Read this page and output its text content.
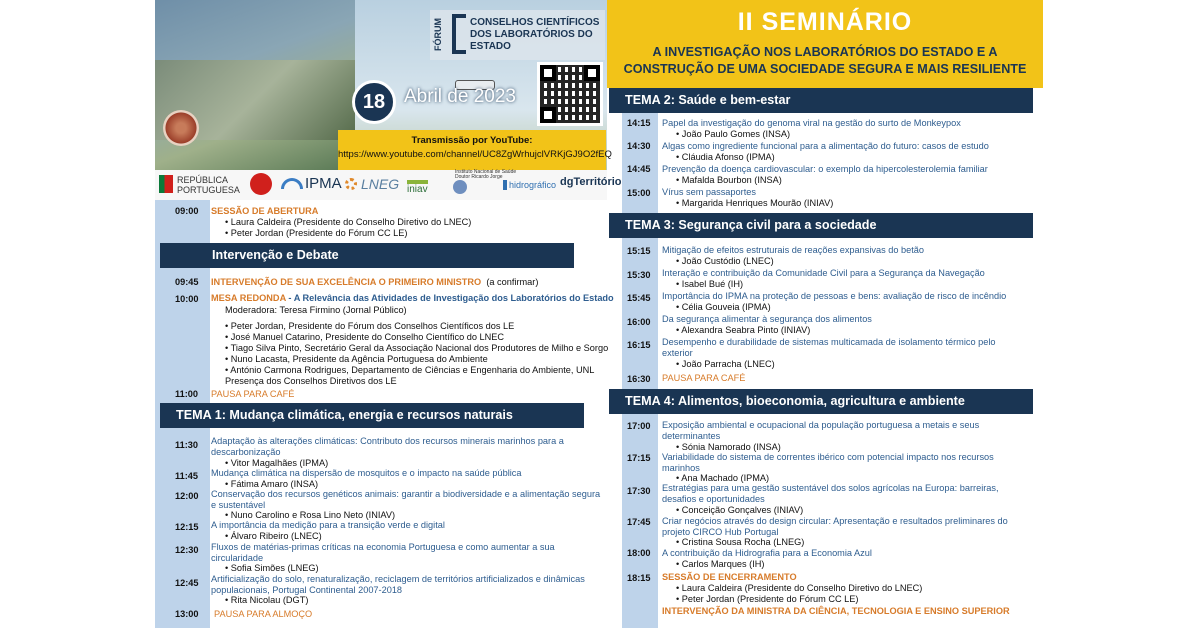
FÓRUM	CONSELHOS CIENTÍFICOS
DOS LABORATÓRIOS DO ESTADO
18 Abril de 2023
Transmissão por YouTube:
https://www.youtube.com/channel/UC8ZgWrhujclVRKjGJ9O2fEQ
REPÚBLICA
PORTUGUESA	IPMA LNEG iniav
Instituto Nacional de Saúde
Doutor Ricardo Jorge
hidrográfico dgTerritório
II SEMINÁRIO
A INVESTIGAÇÃO NOS LABORATÓRIOS DO ESTADO E A
CONSTRUÇÃO DE UMA SOCIEDADE SEGURA E MAIS RESILIENTE
09:00 SESSÃO DE ABERTURA
• Laura Caldeira (Presidente do Conselho Diretivo do LNEC)
• Peter Jordan (Presidente do Fórum CC LE)
Intervenção e Debate
09:45 INTERVENÇÃO DE SUA EXCELÊNCIA O PRIMEIRO MINISTRO (a confirmar)
10:00 MESA REDONDA - A Relevância das Atividades de Investigação dos Laboratórios do Estado
Moderadora: Teresa Firmino (Jornal Público)
• Peter Jordan, Presidente do Fórum dos Conselhos Científicos dos LE
• José Manuel Catarino, Presidente do Conselho Científico do LNEC
• Tiago Silva Pinto, Secretário Geral da Associação Nacional dos Produtores de Milho e Sorgo
• Nuno Lacasta, Presidente da Agência Portuguesa do Ambiente
• António Carmona Rodrigues, Departamento de Ciências e Engenharia do Ambiente, UNL
Presença dos Conselhos Diretivos dos LE
11:00 PAUSA PARA CAFÉ
TEMA 1: Mudança climática, energia e recursos naturais
11:30 Adaptação às alterações climáticas: Contributo dos recursos minerais marinhos para a descarbonização
• Vitor Magalhães (IPMA)
11:45 Mudança climática na dispersão de mosquitos e o impacto na saúde pública
• Fátima Amaro (INSA)
12:00 Conservação dos recursos genéticos animais: garantir a biodiversidade e a alimentação segura e sustentável
• Nuno Carolino e Rosa Lino Neto (INIAV)
12:15 A importância da medição para a transição verde e digital
• Álvaro Ribeiro (LNEC)
12:30 Fluxos de matérias-primas críticas na economia Portuguesa e como aumentar a sua circularidade
• Sofia Simões (LNEG)
12:45 Artificialização do solo, renaturalização, reciclagem de territórios artificializados e dinâmicas populacionais, Portugal Continental 2007-2018
• Rita Nicolau (DGT)
13:00 PAUSA PARA ALMOÇO
TEMA 2: Saúde e bem-estar
14:15 Papel da investigação do genoma viral na gestão do surto de Monkeypox
• João Paulo Gomes (INSA)
14:30 Algas como ingrediente funcional para a alimentação do futuro: casos de estudo
• Cláudia Afonso (IPMA)
14:45 Prevenção da doença cardiovascular: o exemplo da hipercolesterolemia familiar
• Mafalda Bourbon (INSA)
15:00 Vírus sem passaportes
• Margarida Henriques Mourão (INIAV)
TEMA 3: Segurança civil para a sociedade
15:15 Mitigação de efeitos estruturais de reações expansivas do betão
• João Custódio (LNEC)
15:30 Interação e contribuição da Comunidade Civil para a Segurança da Navegação
• Isabel Bué (IH)
15:45 Importância do IPMA na proteção de pessoas e bens: avaliação de risco de incêndio
• Célia Gouveia (IPMA)
16:00 Da segurança alimentar à segurança dos alimentos
• Alexandra Seabra Pinto (INIAV)
16:15 Desempenho e durabilidade de sistemas multicamada de isolamento térmico pelo exterior
• João Parracha (LNEC)
16:30 PAUSA PARA CAFÉ
TEMA 4: Alimentos, bioeconomia, agricultura e ambiente
17:00 Exposição ambiental e ocupacional da população portuguesa a metais e seus determinantes
• Sónia Namorado (INSA)
17:15 Variabilidade do sistema de correntes ibérico com potencial impacto nos recursos marinhos
• Ana Machado (IPMA)
17:30 Estratégias para uma gestão sustentável dos solos agrícolas na Europa: barreiras, desafios e oportunidades
• Conceição Gonçalves (INIAV)
17:45 Criar negócios através do design circular: Apresentação e resultados preliminares do projeto CIRCO Hub Portugal
• Cristina Sousa Rocha (LNEG)
18:00 A contribuição da Hidrografia para a Economia Azul
• Carlos Marques (IH)
18:15 SESSÃO DE ENCERRAMENTO
• Laura Caldeira (Presidente do Conselho Diretivo do LNEC)
• Peter Jordan (Presidente do Fórum CC LE)
INTERVENÇÃO DA MINISTRA DA CIÊNCIA, TECNOLOGIA E ENSINO SUPERIOR
